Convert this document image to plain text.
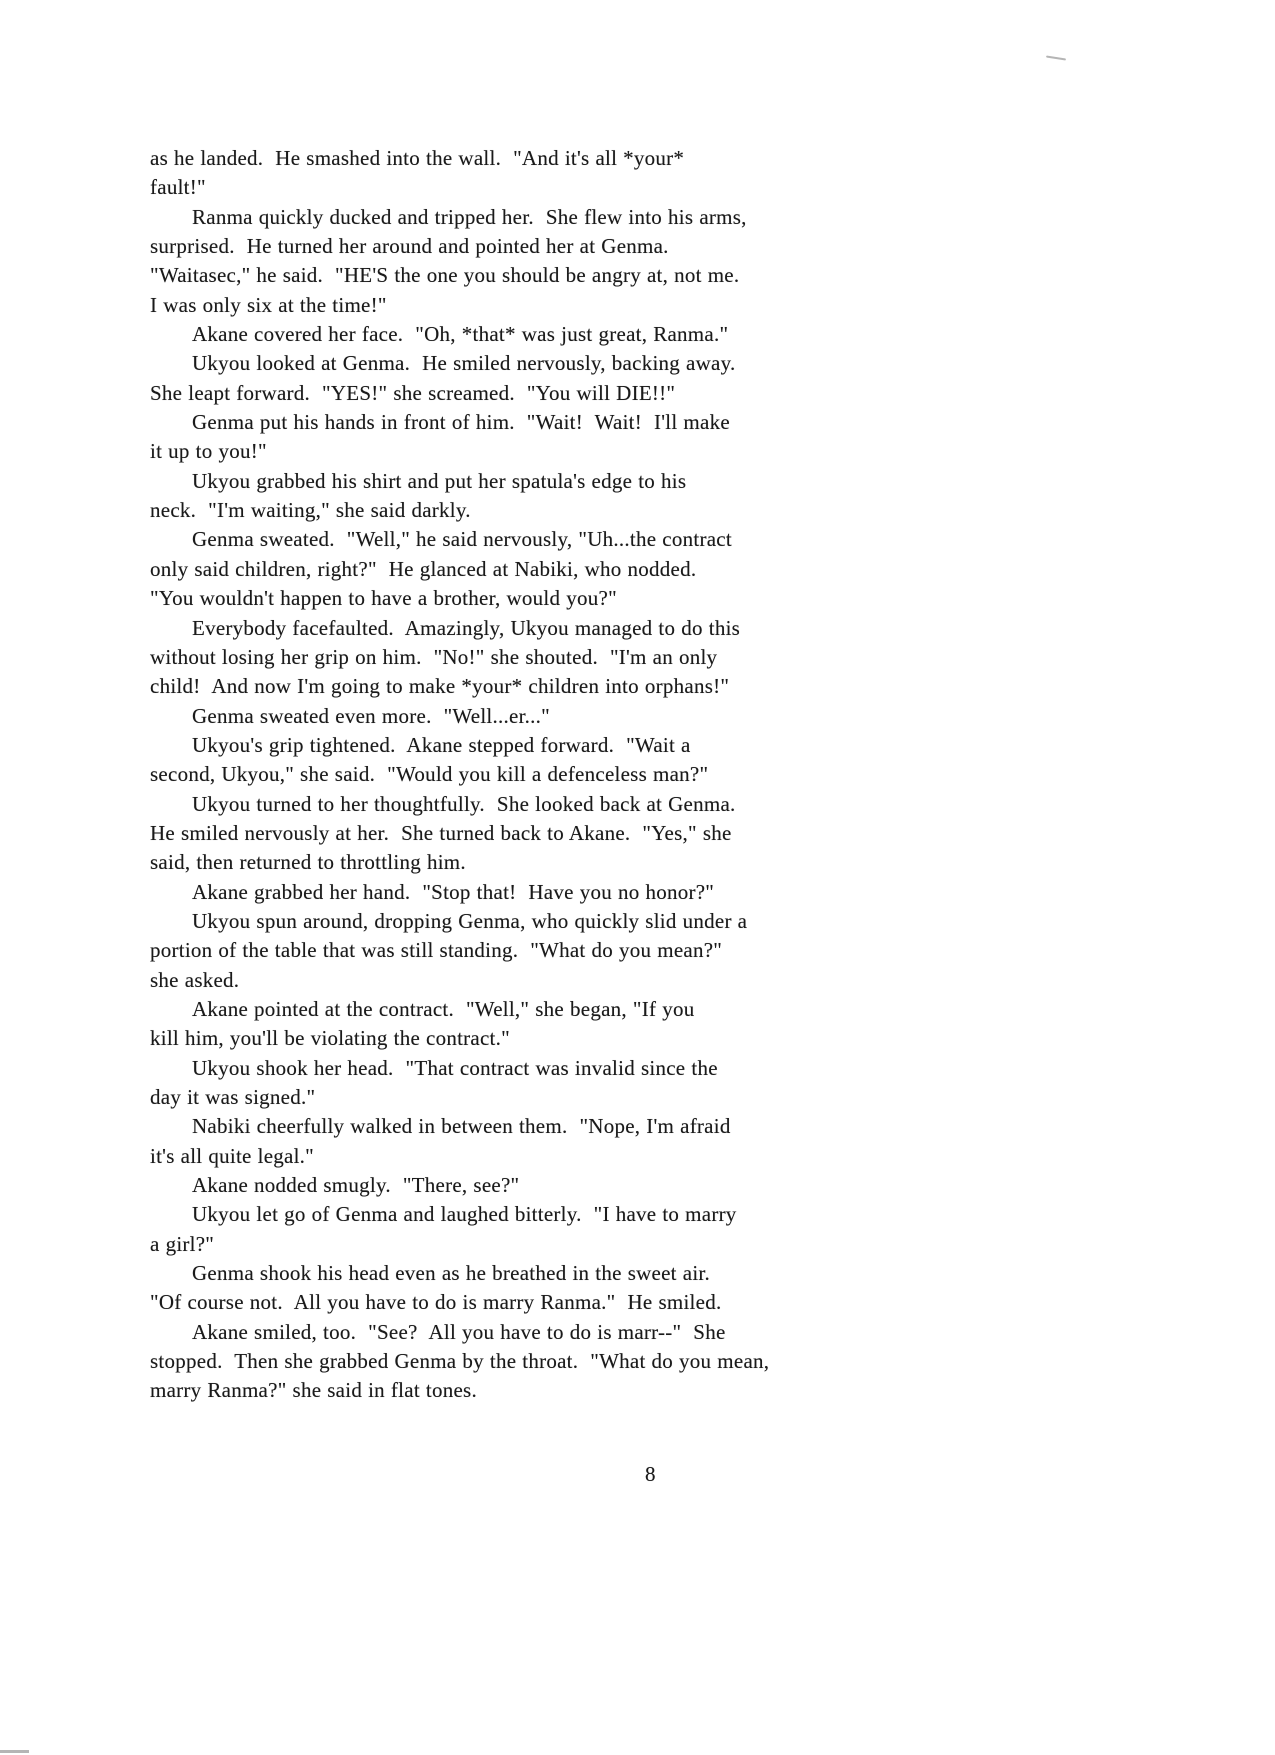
as he landed.  He smashed into the wall.  "And it's all *your*
fault!"
Ranma quickly ducked and tripped her.  She flew into his arms,
surprised.  He turned her around and pointed her at Genma.
"Waitasec," he said.  "HE'S the one you should be angry at, not me.
I was only six at the time!"
Akane covered her face.  "Oh, *that* was just great, Ranma."
Ukyou looked at Genma.  He smiled nervously, backing away.
She leapt forward.  "YES!" she screamed.  "You will DIE!!"
Genma put his hands in front of him.  "Wait!  Wait!  I'll make
it up to you!"
Ukyou grabbed his shirt and put her spatula's edge to his
neck.  "I'm waiting," she said darkly.
Genma sweated.  "Well," he said nervously, "Uh...the contract
only said children, right?"  He glanced at Nabiki, who nodded.
"You wouldn't happen to have a brother, would you?"
Everybody facefaulted.  Amazingly, Ukyou managed to do this
without losing her grip on him.  "No!" she shouted.  "I'm an only
child!  And now I'm going to make *your* children into orphans!"
Genma sweated even more.  "Well...er..."
Ukyou's grip tightened.  Akane stepped forward.  "Wait a
second, Ukyou," she said.  "Would you kill a defenceless man?"
Ukyou turned to her thoughtfully.  She looked back at Genma.
He smiled nervously at her.  She turned back to Akane.  "Yes," she
said, then returned to throttling him.
Akane grabbed her hand.  "Stop that!  Have you no honor?"
Ukyou spun around, dropping Genma, who quickly slid under a
portion of the table that was still standing.  "What do you mean?"
she asked.
Akane pointed at the contract.  "Well," she began, "If you
kill him, you'll be violating the contract."
Ukyou shook her head.  "That contract was invalid since the
day it was signed."
Nabiki cheerfully walked in between them.  "Nope, I'm afraid
it's all quite legal."
Akane nodded smugly.  "There, see?"
Ukyou let go of Genma and laughed bitterly.  "I have to marry
a girl?"
Genma shook his head even as he breathed in the sweet air.
"Of course not.  All you have to do is marry Ranma."  He smiled.
Akane smiled, too.  "See?  All you have to do is marr--"  She
stopped.  Then she grabbed Genma by the throat.  "What do you mean,
marry Ranma?" she said in flat tones.
8
